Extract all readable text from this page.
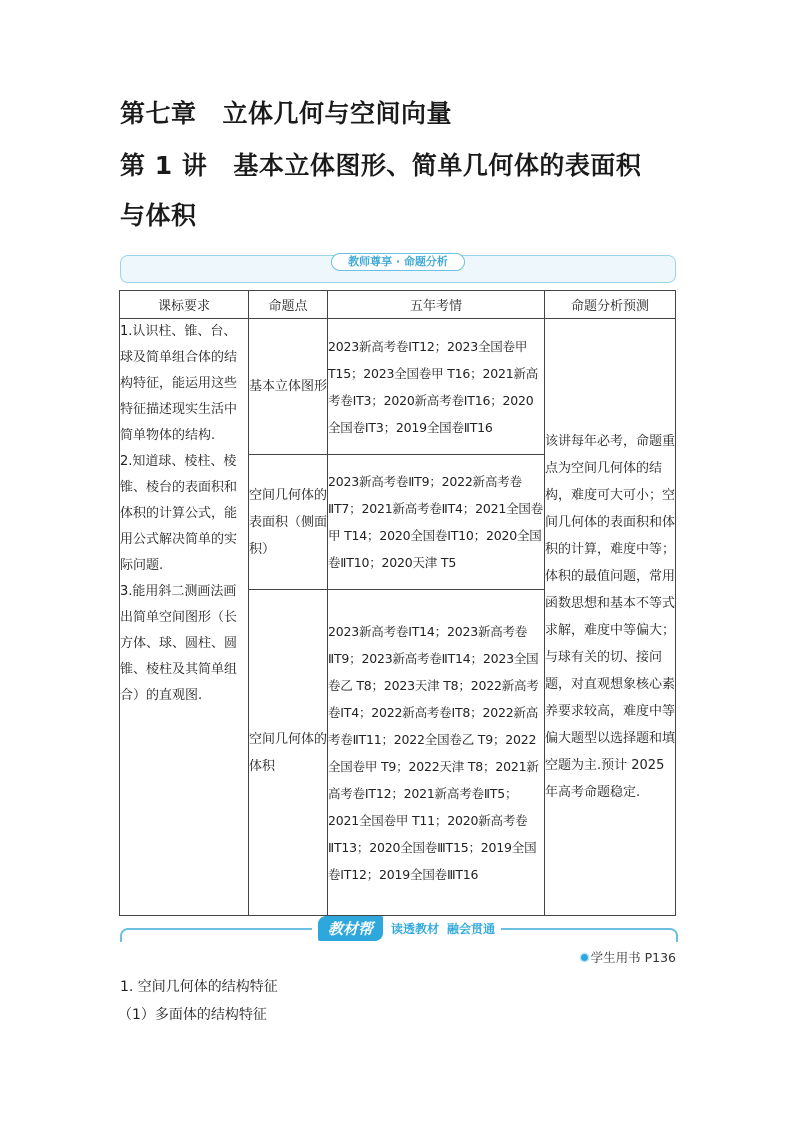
第七章 立体几何与空间向量
第 1 讲 基本立体图形、简单几何体的表面积
与体积
教师尊享 · 命题分析
课标要求	命题点	五年考情	命题分析预测

1.认识柱、锥、台、球及简单组合体的结构特征，能运用这些特征描述现实生活中简单物体的结构.
2.知道球、棱柱、棱锥、棱台的表面积和体积的计算公式，能用公式解决简单的实际问题.
3.能用斜二测画法画出简单空间图形（长方体、球、圆柱、圆锥、棱柱及其简单组合）的直观图.	基本立体图形	2023新高考卷ⅠT12；2023全国卷甲 T15；2023全国卷甲 T16；2021新高考卷ⅠT3；2020新高考卷ⅠT16；2020全国卷ⅠT3；2019全国卷ⅡT16	该讲每年必考，命题重点为空间几何体的结构，难度可大可小；空间几何体的表面积和体积的计算，难度中等；体积的最值问题，常用函数思想和基本不等式求解，难度中等偏大；与球有关的切、接问题，对直观想象核心素养要求较高，难度中等偏大题型以选择题和填空题为主.预计 2025年高考命题稳定.
	空间几何体的表面积（侧面积）	2023新高考卷ⅡT9；2022新高考卷ⅡT7；2021新高考卷ⅡT4；2021全国卷甲 T14；2020全国卷ⅠT10；2020全国卷ⅡT10；2020天津 T5	
	空间几何体的体积	2023新高考卷ⅠT14；2023新高考卷ⅡT9；2023新高考卷ⅡT14；2023全国卷乙 T8；2023天津 T8；2022新高考卷ⅠT4；2022新高考卷ⅠT8；2022新高考卷ⅡT11；2022全国卷乙 T9；2022全国卷甲 T9；2022天津 T8；2021新高考卷ⅠT12；2021新高考卷ⅡT5；2021全国卷甲 T11；2020新高考卷ⅡT13；2020全国卷ⅢT15；2019全国卷ⅠT12；2019全国卷ⅢT16	
教材帮	读透教材 融会贯通
学生用书 P136
1. 空间几何体的结构特征
（1）多面体的结构特征
